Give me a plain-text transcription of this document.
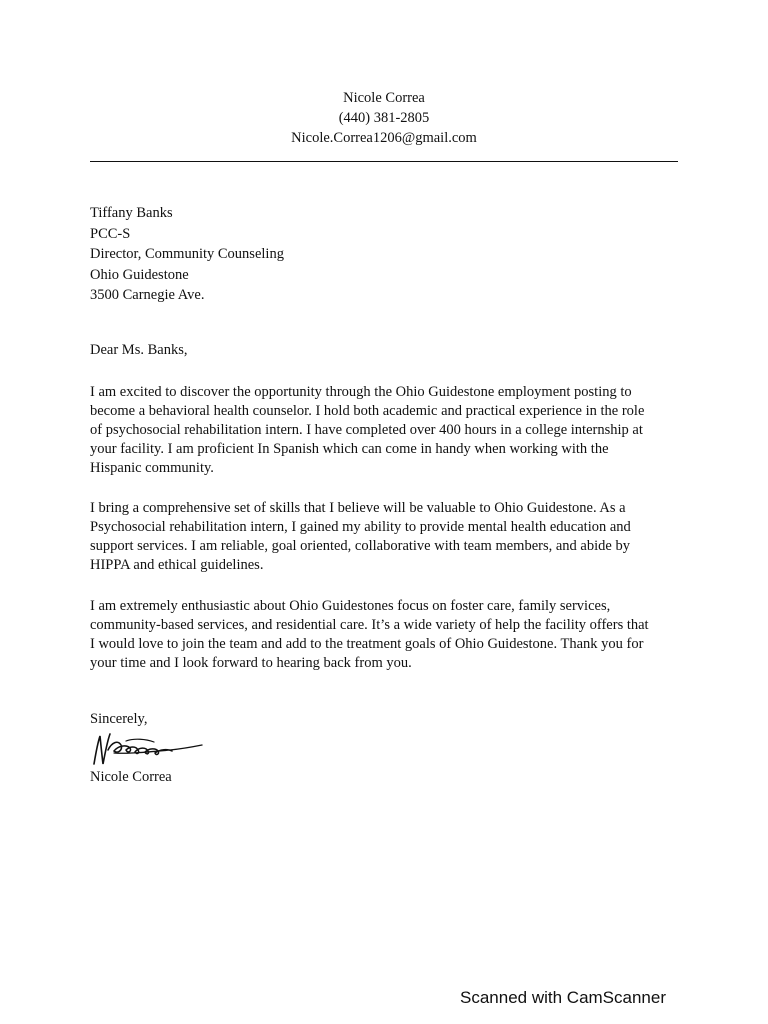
Nicole Correa
(440) 381-2805
Nicole.Correa1206@gmail.com
Tiffany Banks
PCC-S
Director, Community Counseling
Ohio Guidestone
3500 Carnegie Ave.
Dear Ms. Banks,

I am excited to discover the opportunity through the Ohio Guidestone employment posting to
become a behavioral health counselor. I hold both academic and practical experience in the role
of psychosocial rehabilitation intern. I have completed over 400 hours in a college internship at
your facility. I am proficient In Spanish which can come in handy when working with the
Hispanic community.

I bring a comprehensive set of skills that I believe will be valuable to Ohio Guidestone. As a
Psychosocial rehabilitation intern, I gained my ability to provide mental health education and
support services. I am reliable, goal oriented, collaborative with team members, and abide by
HIPPA and ethical guidelines.

I am extremely enthusiastic about Ohio Guidestones focus on foster care, family services,
community-based services, and residential care. It’s a wide variety of help the facility offers that
I would love to join the team and add to the treatment goals of Ohio Guidestone. Thank you for
your time and I look forward to hearing back from you.

Sincerely,
Nicole Correa
Scanned with CamScanner
